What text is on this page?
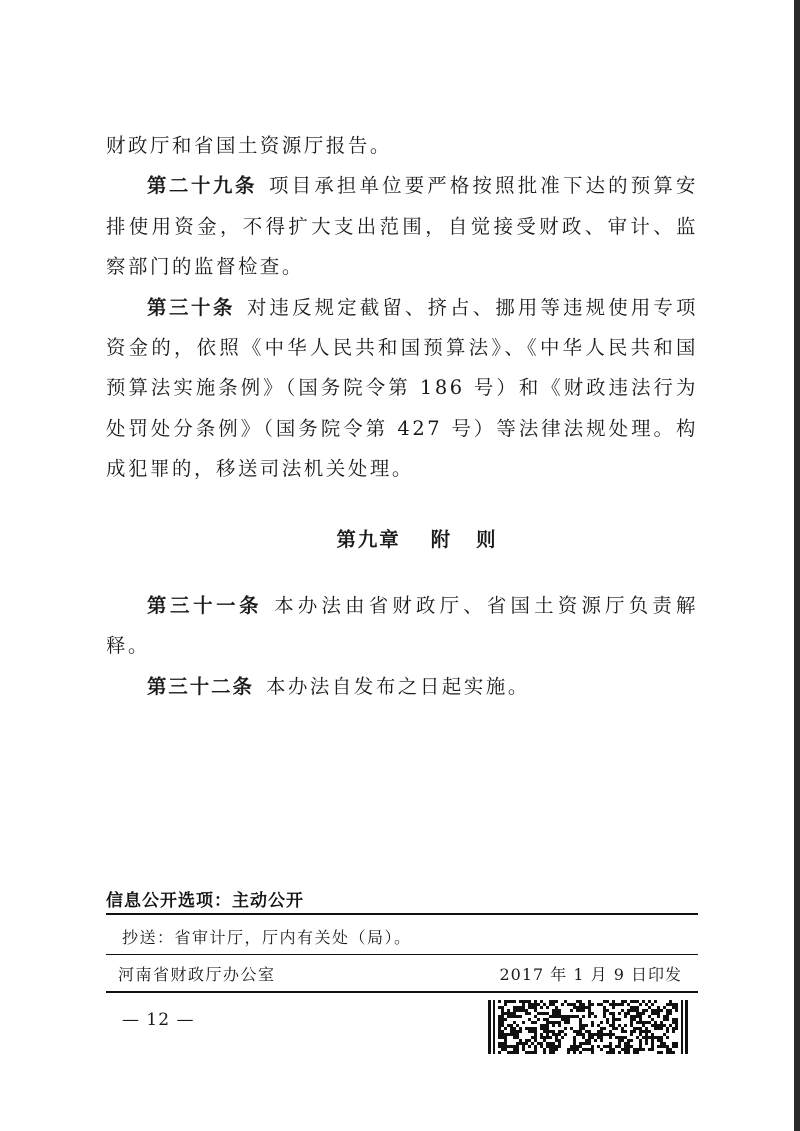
财政厅和省国土资源厅报告。

第二十九条 项目承担单位要严格按照批准下达的预算安排使用资金，不得扩大支出范围，自觉接受财政、审计、监察部门的监督检查。

第三十条 对违反规定截留、挤占、挪用等违规使用专项资金的，依照《中华人民共和国预算法》、《中华人民共和国预算法实施条例》（国务院令第 186 号）和《财政违法行为处罚处分条例》（国务院令第 427 号）等法律法规处理。构成犯罪的，移送司法机关处理。

第九章 附 则

第三十一条 本办法由省财政厅、省国土资源厅负责解释。

第三十二条 本办法自发布之日起实施。

信息公开选项：主动公开
抄送：省审计厅，厅内有关处（局）。
河南省财政厅办公室	2017 年 1 月 9 日印发
— 12 —
